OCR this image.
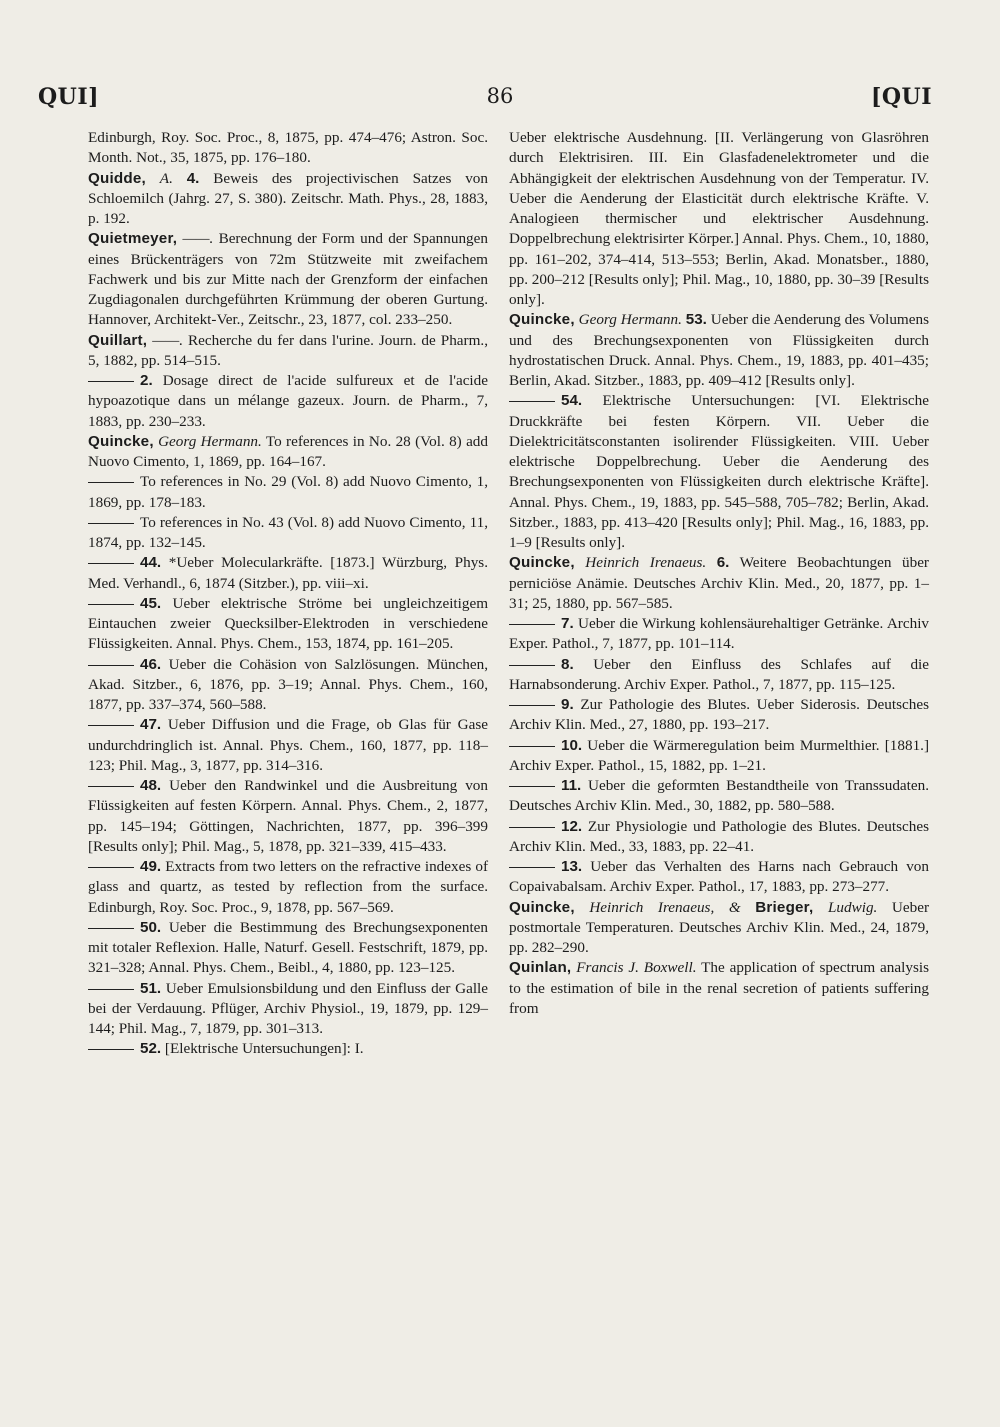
QUI]	86	[QUI

Edinburgh, Roy. Soc. Proc., 8, 1875, pp. 474–476; Astron. Soc. Month. Not., 35, 1875, pp. 176–180.

Quidde, A. 4. Beweis des projectivischen Satzes von Schloemilch (Jahrg. 27, S. 380). Zeitschr. Math. Phys., 28, 1883, p. 192.

Quietmeyer, ——. Berechnung der Form und der Spannungen eines Brückenträgers von 72m Stützweite mit zweifachem Fachwerk und bis zur Mitte nach der Grenzform der einfachen Zugdiagonalen durchgeführten Krümmung der oberen Gurtung. Hannover, Architekt-Ver., Zeitschr., 23, 1877, col. 233–250.

Quillart, ——. Recherche du fer dans l'urine. Journ. de Pharm., 5, 1882, pp. 514–515.

2. Dosage direct de l'acide sulfureux et de l'acide hypoazotique dans un mélange gazeux. Journ. de Pharm., 7, 1883, pp. 230–233.

Quincke, Georg Hermann. To references in No. 28 (Vol. 8) add Nuovo Cimento, 1, 1869, pp. 164–167.

To references in No. 29 (Vol. 8) add Nuovo Cimento, 1, 1869, pp. 178–183.

To references in No. 43 (Vol. 8) add Nuovo Cimento, 11, 1874, pp. 132–145.

44. *Ueber Molecularkräfte. [1873.] Würzburg, Phys. Med. Verhandl., 6, 1874 (Sitzber.), pp. viii–xi.

45. Ueber elektrische Ströme bei ungleichzeitigem Eintauchen zweier Quecksilber-Elektroden in verschiedene Flüssigkeiten. Annal. Phys. Chem., 153, 1874, pp. 161–205.

46. Ueber die Cohäsion von Salzlösungen. München, Akad. Sitzber., 6, 1876, pp. 3–19; Annal. Phys. Chem., 160, 1877, pp. 337–374, 560–588.

47. Ueber Diffusion und die Frage, ob Glas für Gase undurchdringlich ist. Annal. Phys. Chem., 160, 1877, pp. 118–123; Phil. Mag., 3, 1877, pp. 314–316.

48. Ueber den Randwinkel und die Ausbreitung von Flüssigkeiten auf festen Körpern. Annal. Phys. Chem., 2, 1877, pp. 145–194; Göttingen, Nachrichten, 1877, pp. 396–399 [Results only]; Phil. Mag., 5, 1878, pp. 321–339, 415–433.

49. Extracts from two letters on the refractive indexes of glass and quartz, as tested by reflection from the surface. Edinburgh, Roy. Soc. Proc., 9, 1878, pp. 567–569.

50. Ueber die Bestimmung des Brechungsexponenten mit totaler Reflexion. Halle, Naturf. Gesell. Festschrift, 1879, pp. 321–328; Annal. Phys. Chem., Beibl., 4, 1880, pp. 123–125.

51. Ueber Emulsionsbildung und den Einfluss der Galle bei der Verdauung. Pflüger, Archiv Physiol., 19, 1879, pp. 129–144; Phil. Mag., 7, 1879, pp. 301–313.

52. [Elektrische Untersuchungen]: I.

Ueber elektrische Ausdehnung. [II. Verlängerung von Glasröhren durch Elektrisiren. III. Ein Glasfadenelektrometer und die Abhängigkeit der elektrischen Ausdehnung von der Temperatur. IV. Ueber die Aenderung der Elasticität durch elektrische Kräfte. V. Analogieen thermischer und elektrischer Ausdehnung. Doppelbrechung elektrisirter Körper.] Annal. Phys. Chem., 10, 1880, pp. 161–202, 374–414, 513–553; Berlin, Akad. Monatsber., 1880, pp. 200–212 [Results only]; Phil. Mag., 10, 1880, pp. 30–39 [Results only].

Quincke, Georg Hermann. 53. Ueber die Aenderung des Volumens und des Brechungsexponenten von Flüssigkeiten durch hydrostatischen Druck. Annal. Phys. Chem., 19, 1883, pp. 401–435; Berlin, Akad. Sitzber., 1883, pp. 409–412 [Results only].

54. Elektrische Untersuchungen: [VI. Elektrische Druckkräfte bei festen Körpern. VII. Ueber die Dielektricitätsconstanten isolirender Flüssigkeiten. VIII. Ueber elektrische Doppelbrechung. Ueber die Aenderung des Brechungsexponenten von Flüssigkeiten durch elektrische Kräfte]. Annal. Phys. Chem., 19, 1883, pp. 545–588, 705–782; Berlin, Akad. Sitzber., 1883, pp. 413–420 [Results only]; Phil. Mag., 16, 1883, pp. 1–9 [Results only].

Quincke, Heinrich Irenaeus. 6. Weitere Beobachtungen über perniciöse Anämie. Deutsches Archiv Klin. Med., 20, 1877, pp. 1–31; 25, 1880, pp. 567–585.

7. Ueber die Wirkung kohlensäurehaltiger Getränke. Archiv Exper. Pathol., 7, 1877, pp. 101–114.

8. Ueber den Einfluss des Schlafes auf die Harnabsonderung. Archiv Exper. Pathol., 7, 1877, pp. 115–125.

9. Zur Pathologie des Blutes. Ueber Siderosis. Deutsches Archiv Klin. Med., 27, 1880, pp. 193–217.

10. Ueber die Wärmeregulation beim Murmelthier. [1881.] Archiv Exper. Pathol., 15, 1882, pp. 1–21.

11. Ueber die geformten Bestandtheile von Transsudaten. Deutsches Archiv Klin. Med., 30, 1882, pp. 580–588.

12. Zur Physiologie und Pathologie des Blutes. Deutsches Archiv Klin. Med., 33, 1883, pp. 22–41.

13. Ueber das Verhalten des Harns nach Gebrauch von Copaivabalsam. Archiv Exper. Pathol., 17, 1883, pp. 273–277.

Quincke, Heinrich Irenaeus, & Brieger, Ludwig. Ueber postmortale Temperaturen. Deutsches Archiv Klin. Med., 24, 1879, pp. 282–290.

Quinlan, Francis J. Boxwell. The application of spectrum analysis to the estimation of bile in the renal secretion of patients suffering from
